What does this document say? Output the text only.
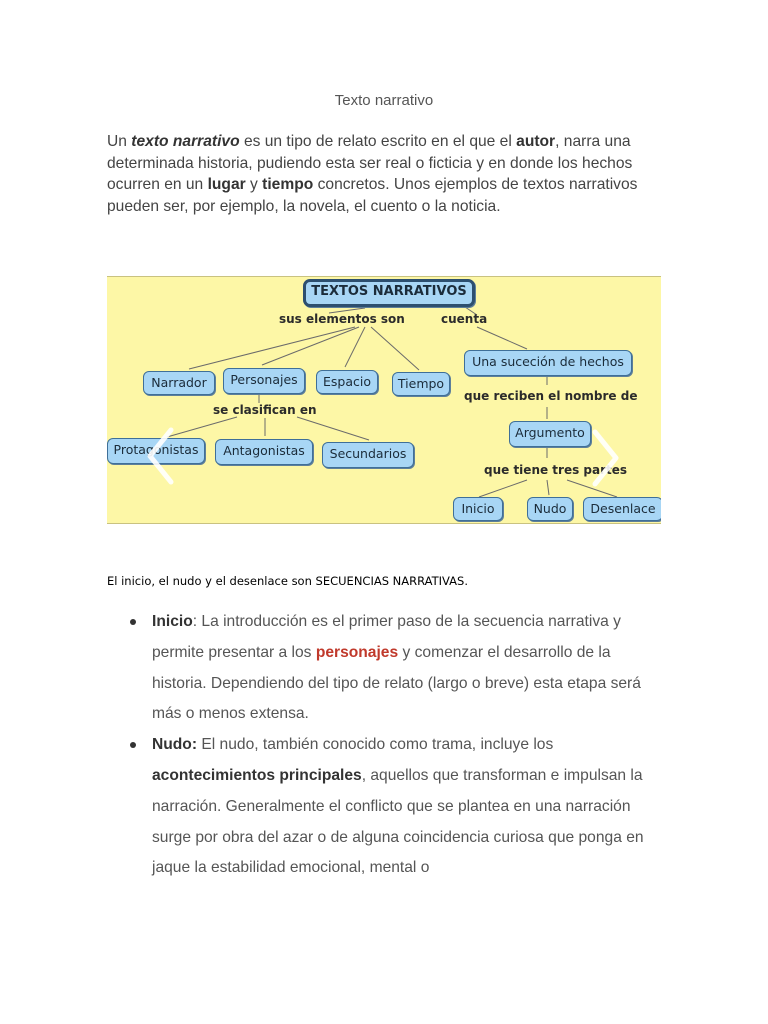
Texto narrativo
Un texto narrativo es un tipo de relato escrito en el que el autor, narra una determinada historia, pudiendo esta ser real o ficticia y en donde los hechos ocurren en un lugar y tiempo concretos. Unos ejemplos de textos narrativos pueden ser, por ejemplo, la novela, el cuento o la noticia.
TEXTOS NARRATIVOS
sus elementos son	cuenta
Narrador	Personajes	Espacio	Tiempo
se clasifican en
Protagonistas	Antagonistas	Secundarios
Una suceción de hechos
que reciben el nombre de
Argumento
que tiene tres partes
Inicio	Nudo	Desenlace
El inicio, el nudo y el desenlace son SECUENCIAS NARRATIVAS.
Inicio: La introducción es el primer paso de la secuencia narrativa y permite presentar a los personajes y comenzar el desarrollo de la historia. Dependiendo del tipo de relato (largo o breve) esta etapa será más o menos extensa.
Nudo: El nudo, también conocido como trama, incluye los acontecimientos principales, aquellos que transforman e impulsan la narración. Generalmente el conflicto que se plantea en una narración surge por obra del azar o de alguna coincidencia curiosa que ponga en jaque la estabilidad emocional, mental o
